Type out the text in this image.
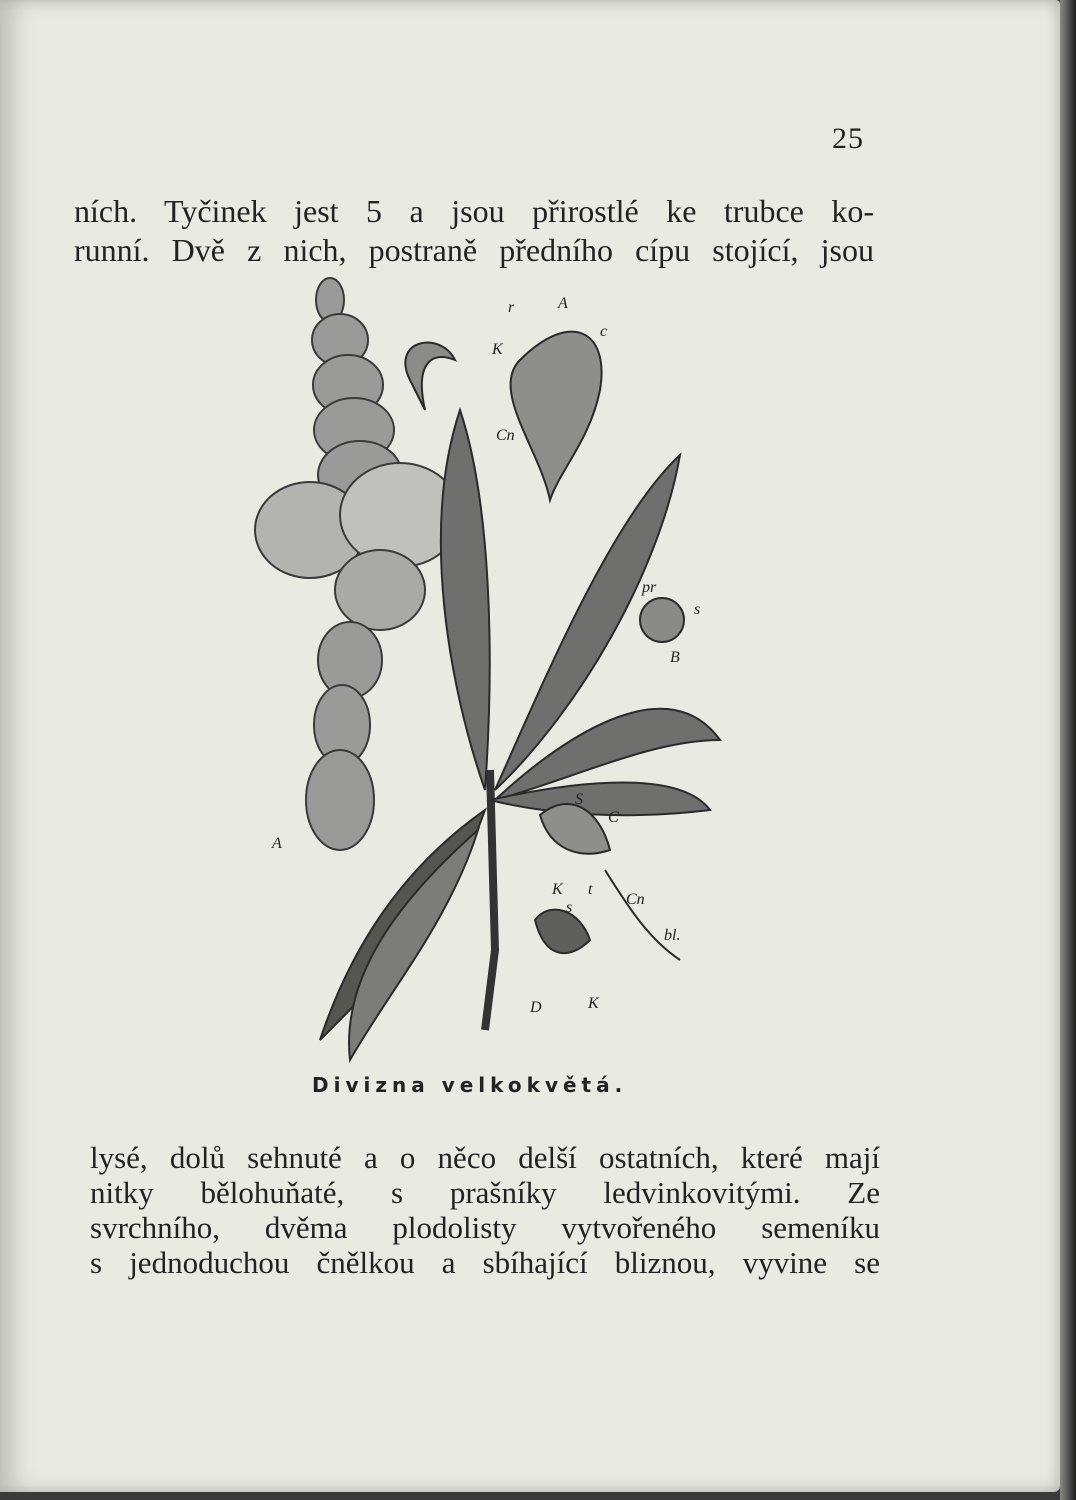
25
ních. Tyčinek jest 5 a jsou přirostlé ke trubce ko-
runní. Dvě z nich, postraně předního cípu stojící, jsou
A
A
r
c
K
Cn
pr
s
B
S
C
K t
s	Cn
bl.
D	K
Divizna velkokvětá.
lysé, dolů sehnuté a o něco delší ostatních, které mají
nitky bělohuňaté, s prašníky ledvinkovitými. Ze
svrchního, dvěma plodolisty vytvořeného semeníku
s jednoduchou čnělkou a sbíhající bliznou, vyvine se
